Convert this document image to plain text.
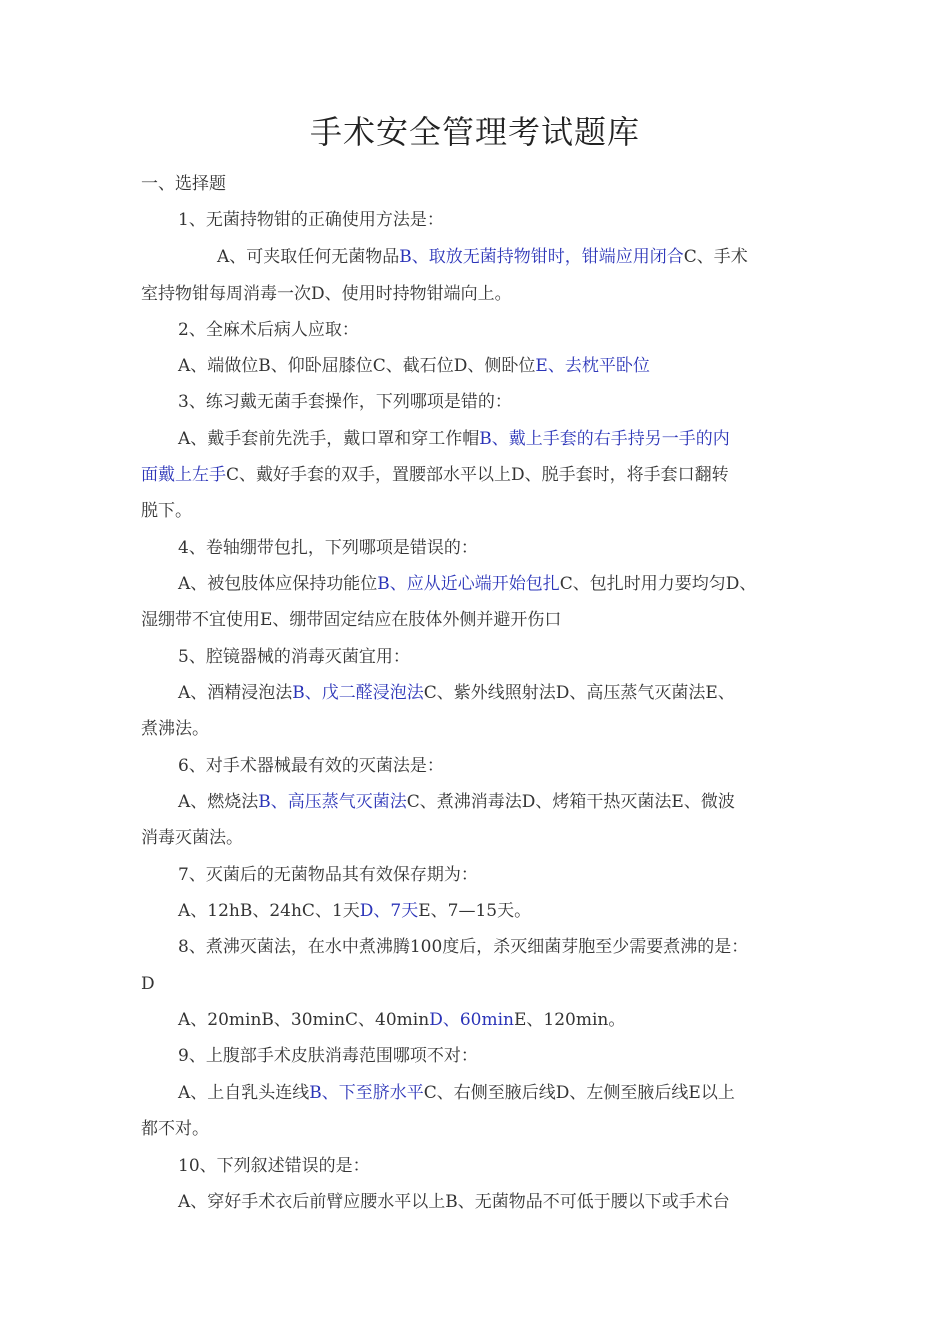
手术安全管理考试题库
一、选择题
1、无菌持物钳的正确使用方法是：
A、可夹取任何无菌物品B、取放无菌持物钳时，钳端应用闭合C、手术
室持物钳每周消毒一次D、使用时持物钳端向上。
2、全麻术后病人应取：
A、端做位B、仰卧屈膝位C、截石位D、侧卧位E、去枕平卧位
3、练习戴无菌手套操作，下列哪项是错的：
A、戴手套前先洗手，戴口罩和穿工作帽B、戴上手套的右手持另一手的内
面戴上左手C、戴好手套的双手，置腰部水平以上D、脱手套时，将手套口翻转
脱下。
4、卷轴绷带包扎，下列哪项是错误的：
A、被包肢体应保持功能位B、应从近心端开始包扎C、包扎时用力要均匀D、
湿绷带不宜使用E、绷带固定结应在肢体外侧并避开伤口
5、腔镜器械的消毒灭菌宜用：
A、酒精浸泡法B、戊二醛浸泡法C、紫外线照射法D、高压蒸气灭菌法E、
煮沸法。
6、对手术器械最有效的灭菌法是：
A、燃烧法B、高压蒸气灭菌法C、煮沸消毒法D、烤箱干热灭菌法E、微波
消毒灭菌法。
7、灭菌后的无菌物品其有效保存期为：
A、12hB、24hC、1天D、7天E、7—15天。
8、煮沸灭菌法，在水中煮沸腾100度后，杀灭细菌芽胞至少需要煮沸的是：
D
A、20minB、30minC、40minD、60minE、120min。
9、上腹部手术皮肤消毒范围哪项不对：
A、上自乳头连线B、下至脐水平C、右侧至腋后线D、左侧至腋后线E以上
都不对。
10、下列叙述错误的是：
A、穿好手术衣后前臂应腰水平以上B、无菌物品不可低于腰以下或手术台
